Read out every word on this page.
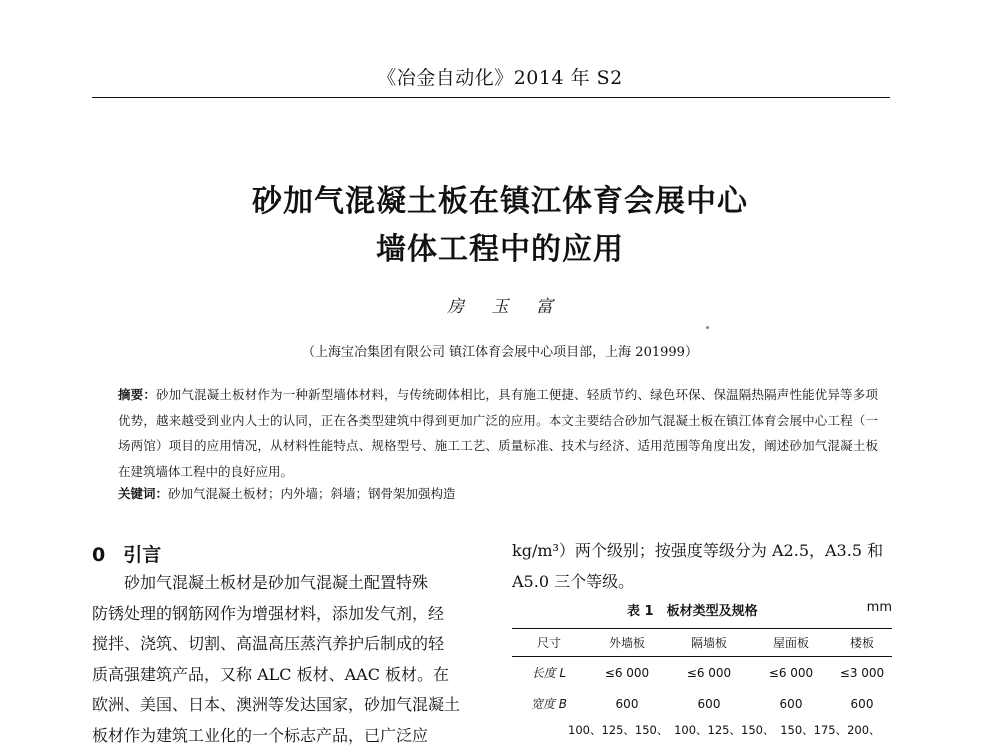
《冶金自动化》2014 年 S2
砂加气混凝土板在镇江体育会展中心
墙体工程中的应用
房 玉 富
（上海宝冶集团有限公司 镇江体育会展中心项目部，上海 201999）
摘要：砂加气混凝土板材作为一种新型墙体材料，与传统砌体相比，具有施工便捷、轻质节约、绿色环保、保温隔热隔声性能优异等多项优势，越来越受到业内人士的认同，正在各类型建筑中得到更加广泛的应用。本文主要结合砂加气混凝土板在镇江体育会展中心工程（一场两馆）项目的应用情况，从材料性能特点、规格型号、施工工艺、质量标准、技术与经济、适用范围等角度出发，阐述砂加气混凝土板在建筑墙体工程中的良好应用。
关键词：砂加气混凝土板材；内外墙；斜墙；钢骨架加强构造
0 引言
　　砂加气混凝土板材是砂加气混凝土配置特殊
防锈处理的钢筋网作为增强材料，添加发气剂，经
搅拌、浇筑、切割、高温高压蒸汽养护后制成的轻
质高强建筑产品，又称 ALC 板材、AAC 板材。在
欧洲、美国、日本、澳洲等发达国家，砂加气混凝土
板材作为建筑工业化的一个标志产品，已广泛应
kg/m³）两个级别；按强度等级分为 A2.5，A3.5 和
A5.0 三个等级。
表 1　板材类型及规格	mm
尺寸	外墙板	隔墙板	屋面板	楼板
长度 L	≤6 000	≤6 000	≤6 000	≤3 000
宽度 B	600	600	600	600
100、125、150、　100、125、150、　150、175、200、
